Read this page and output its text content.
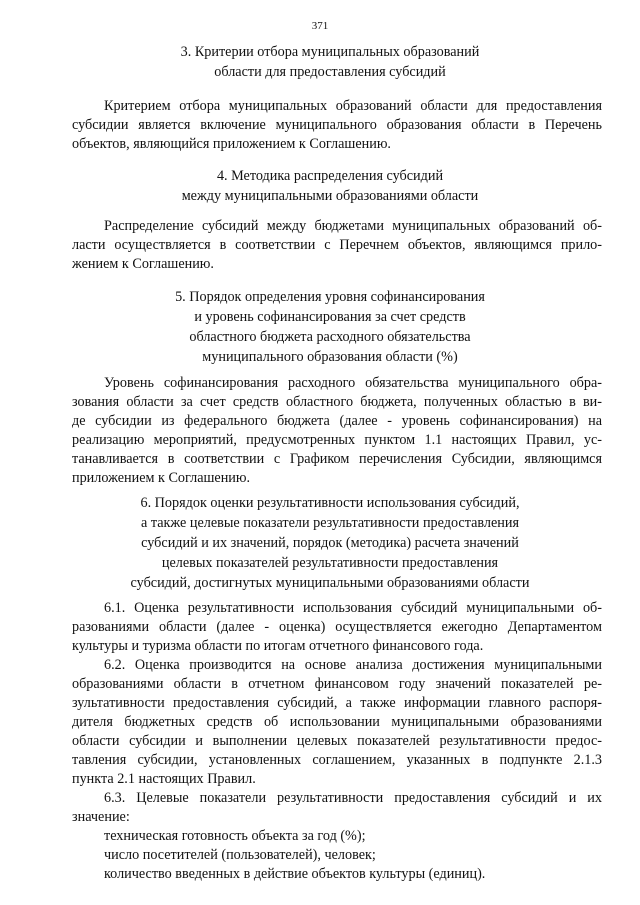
371
3. Критерии отбора муниципальных образований
области для предоставления субсидий
Критерием отбора муниципальных образований области для предоставления
субсидии является включение муниципального образования области в Перечень
объектов, являющийся приложением к Соглашению.
4. Методика распределения субсидий
между муниципальными образованиями области
Распределение субсидий между бюджетами муниципальных образований об-
ласти осуществляется в соответствии с Перечнем объектов, являющимся прило-
жением к Соглашению.
5. Порядок определения уровня софинансирования
и уровень софинансирования за счет средств
областного бюджета расходного обязательства
муниципального образования области (%)
Уровень софинансирования расходного обязательства муниципального обра-
зования области за счет средств областного бюджета, полученных областью в ви-
де субсидии из федерального бюджета (далее - уровень софинансирования) на
реализацию мероприятий, предусмотренных пунктом 1.1 настоящих Правил, ус-
танавливается в соответствии с Графиком перечисления Субсидии, являющимся
приложением к Соглашению.
6. Порядок оценки результативности использования субсидий,
а также целевые показатели результативности предоставления
субсидий и их значений, порядок (методика) расчета значений
целевых показателей результативности предоставления
субсидий, достигнутых муниципальными образованиями области
6.1. Оценка результативности использования субсидий муниципальными об-
разованиями области (далее - оценка) осуществляется ежегодно Департаментом
культуры и туризма области по итогам отчетного финансового года.
6.2. Оценка производится на основе анализа достижения муниципальными
образованиями области в отчетном финансовом году значений показателей ре-
зультативности предоставления субсидий, а также информации главного распоря-
дителя бюджетных средств об использовании муниципальными образованиями
области субсидии и выполнении целевых показателей результативности предос-
тавления субсидии, установленных соглашением, указанных в подпункте 2.1.3
пункта 2.1 настоящих Правил.
6.3. Целевые показатели результативности предоставления субсидий и их
значение:
техническая готовность объекта за год (%);
число посетителей (пользователей), человек;
количество введенных в действие объектов культуры (единиц).
